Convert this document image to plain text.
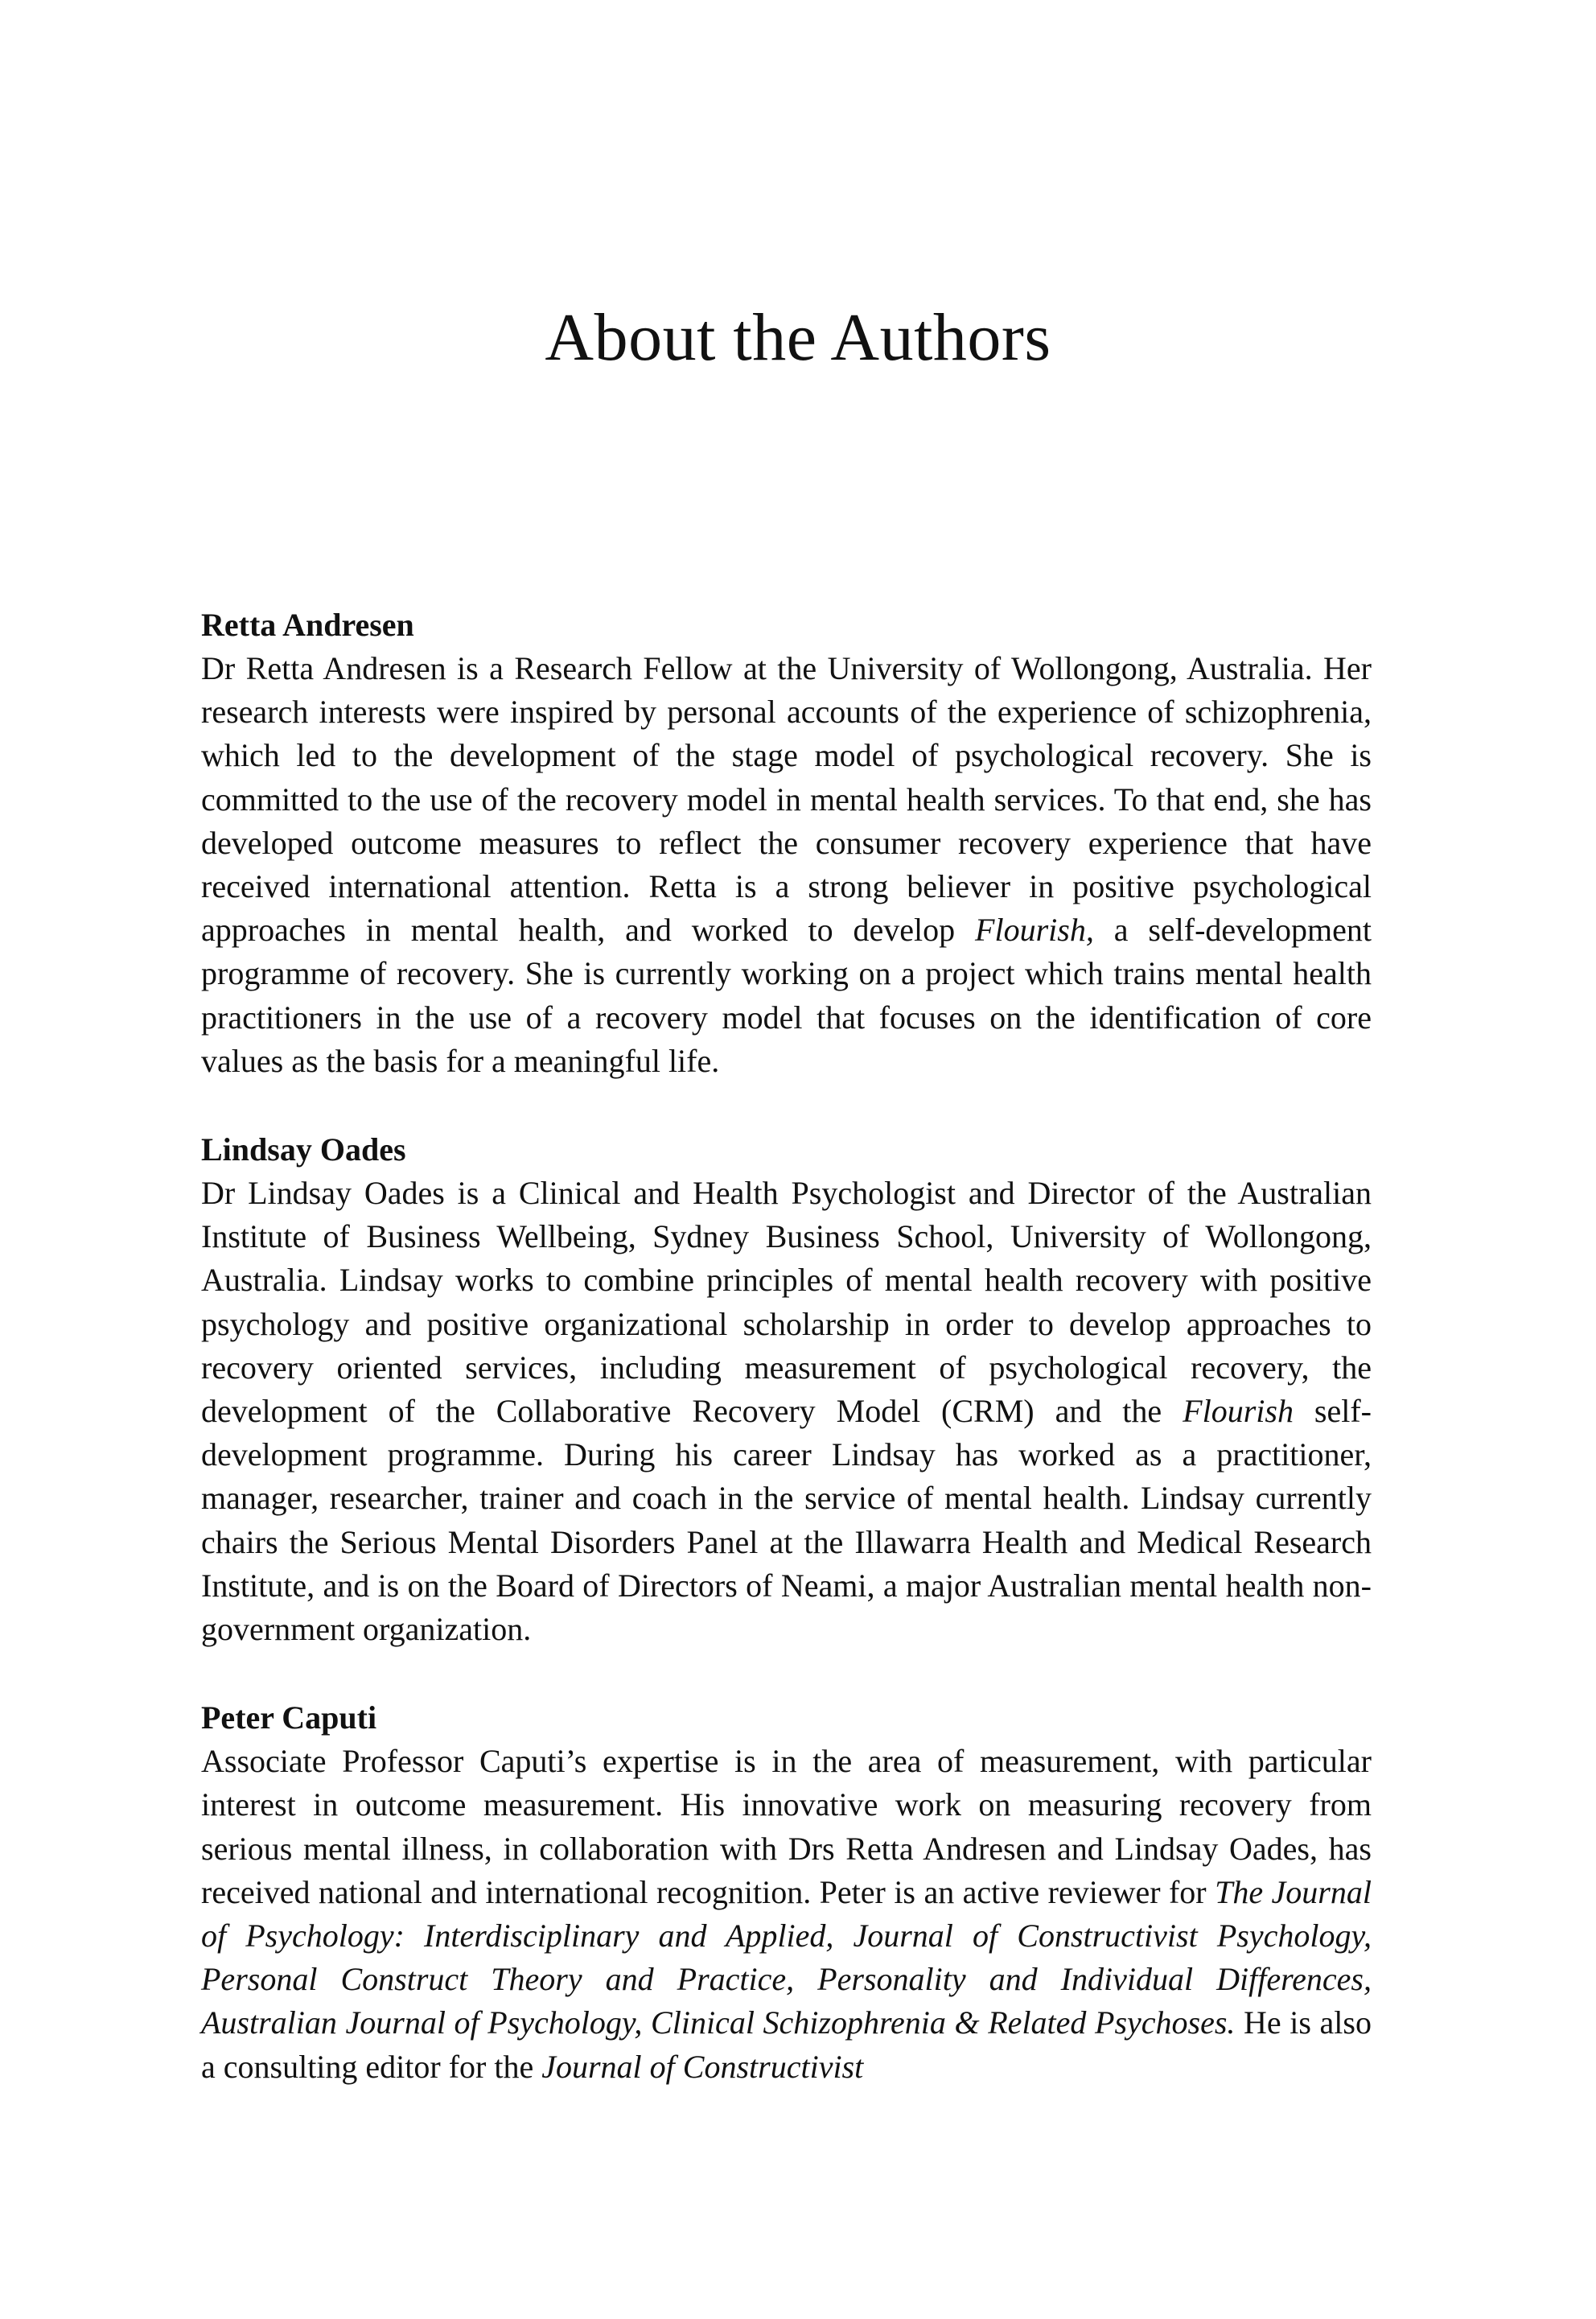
About the Authors

Retta Andresen

Dr Retta Andresen is a Research Fellow at the University of Wollongong, Australia. Her research interests were inspired by personal accounts of the experience of schizophrenia, which led to the development of the stage model of psychological recovery. She is committed to the use of the recovery model in mental health services. To that end, she has developed outcome measures to reflect the consumer recovery experience that have received international attention. Retta is a strong believer in positive psychological approaches in mental health, and worked to develop Flourish, a self-development programme of recovery. She is currently working on a project which trains mental health practitioners in the use of a recovery model that focuses on the identification of core values as the basis for a meaningful life.

Lindsay Oades

Dr Lindsay Oades is a Clinical and Health Psychologist and Director of the Australian Institute of Business Wellbeing, Sydney Business School, University of Wollongong, Australia. Lindsay works to combine principles of mental health recovery with positive psychology and positive organizational scholarship in order to develop approaches to recovery oriented services, including measurement of psychological recovery, the development of the Collaborative Recovery Model (CRM) and the Flourish self-development programme. During his career Lindsay has worked as a practitioner, manager, researcher, trainer and coach in the service of mental health. Lindsay currently chairs the Serious Mental Disorders Panel at the Illawarra Health and Medical Research Institute, and is on the Board of Directors of Neami, a major Australian mental health non-government organization.

Peter Caputi

Associate Professor Caputi’s expertise is in the area of measurement, with particular interest in outcome measurement. His innovative work on measuring recovery from serious mental illness, in collaboration with Drs Retta Andresen and Lindsay Oades, has received national and international recognition. Peter is an active reviewer for The Journal of Psychology: Interdisciplinary and Applied, Journal of Constructivist Psychology, Personal Construct Theory and Practice, Personality and Individual Differences, Australian Journal of Psychology, Clinical Schizophrenia & Related Psychoses. He is also a consulting editor for the Journal of Constructivist
